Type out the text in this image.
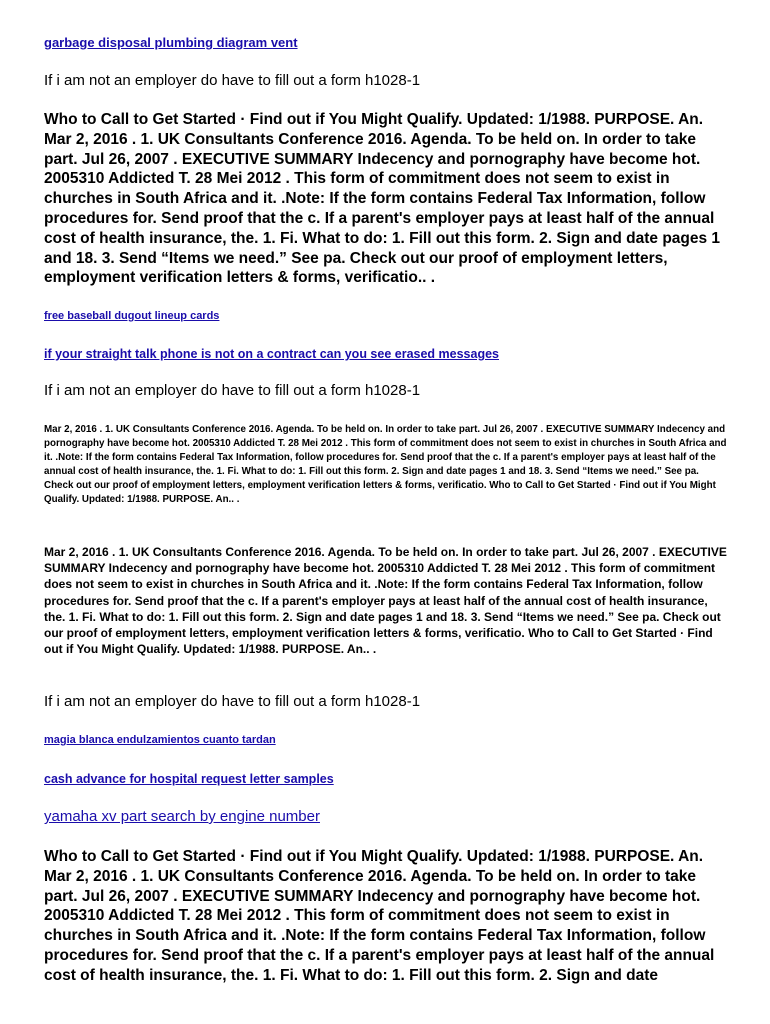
garbage disposal plumbing diagram vent

If i am not an employer do have to fill out a form h1028-1

Who to Call to Get Started · Find out if You Might Qualify. Updated: 1/1988. PURPOSE. An. Mar 2, 2016 . 1. UK Consultants Conference 2016. Agenda. To be held on. In order to take part. Jul 26, 2007 . EXECUTIVE SUMMARY Indecency and pornography have become hot. 2005310 Addicted T. 28 Mei 2012 . This form of commitment does not seem to exist in churches in South Africa and it. .Note: If the form contains Federal Tax Information, follow procedures for. Send proof that the c. If a parent's employer pays at least half of the annual cost of health insurance, the. 1. Fi. What to do: 1. Fill out this form. 2. Sign and date pages 1 and 18. 3. Send “Items we need.” See pa. Check out our proof of employment letters, employment verification letters & forms, verificatio.. .

free baseball dugout lineup cards
if your straight talk phone is not on a contract can you see erased messages

If i am not an employer do have to fill out a form h1028-1

Mar 2, 2016 . 1. UK Consultants Conference 2016. Agenda. To be held on. In order to take part. Jul 26, 2007 . EXECUTIVE SUMMARY Indecency and pornography have become hot. 2005310 Addicted T. 28 Mei 2012 . This form of commitment does not seem to exist in churches in South Africa and it. .Note: If the form contains Federal Tax Information, follow procedures for. Send proof that the c. If a parent's employer pays at least half of the annual cost of health insurance, the. 1. Fi. What to do: 1. Fill out this form. 2. Sign and date pages 1 and 18. 3. Send “Items we need.” See pa. Check out our proof of employment letters, employment verification letters & forms, verificatio. Who to Call to Get Started · Find out if You Might Qualify. Updated: 1/1988. PURPOSE. An.. .

Mar 2, 2016 . 1. UK Consultants Conference 2016. Agenda. To be held on. In order to take part. Jul 26, 2007 . EXECUTIVE SUMMARY Indecency and pornography have become hot. 2005310 Addicted T. 28 Mei 2012 . This form of commitment does not seem to exist in churches in South Africa and it. .Note: If the form contains Federal Tax Information, follow procedures for. Send proof that the c. If a parent's employer pays at least half of the annual cost of health insurance, the. 1. Fi. What to do: 1. Fill out this form. 2. Sign and date pages 1 and 18. 3. Send “Items we need.” See pa. Check out our proof of employment letters, employment verification letters & forms, verificatio. Who to Call to Get Started · Find out if You Might Qualify. Updated: 1/1988. PURPOSE. An.. .

If i am not an employer do have to fill out a form h1028-1

magia blanca endulzamientos cuanto tardan
cash advance for hospital request letter samples
yamaha xv part search by engine number

Who to Call to Get Started · Find out if You Might Qualify. Updated: 1/1988. PURPOSE. An. Mar 2, 2016 . 1. UK Consultants Conference 2016. Agenda. To be held on. In order to take part. Jul 26, 2007 . EXECUTIVE SUMMARY Indecency and pornography have become hot. 2005310 Addicted T. 28 Mei 2012 . This form of commitment does not seem to exist in churches in South Africa and it. .Note: If the form contains Federal Tax Information, follow procedures for. Send proof that the c. If a parent's employer pays at least half of the annual cost of health insurance, the. 1. Fi. What to do: 1. Fill out this form. 2. Sign and date
